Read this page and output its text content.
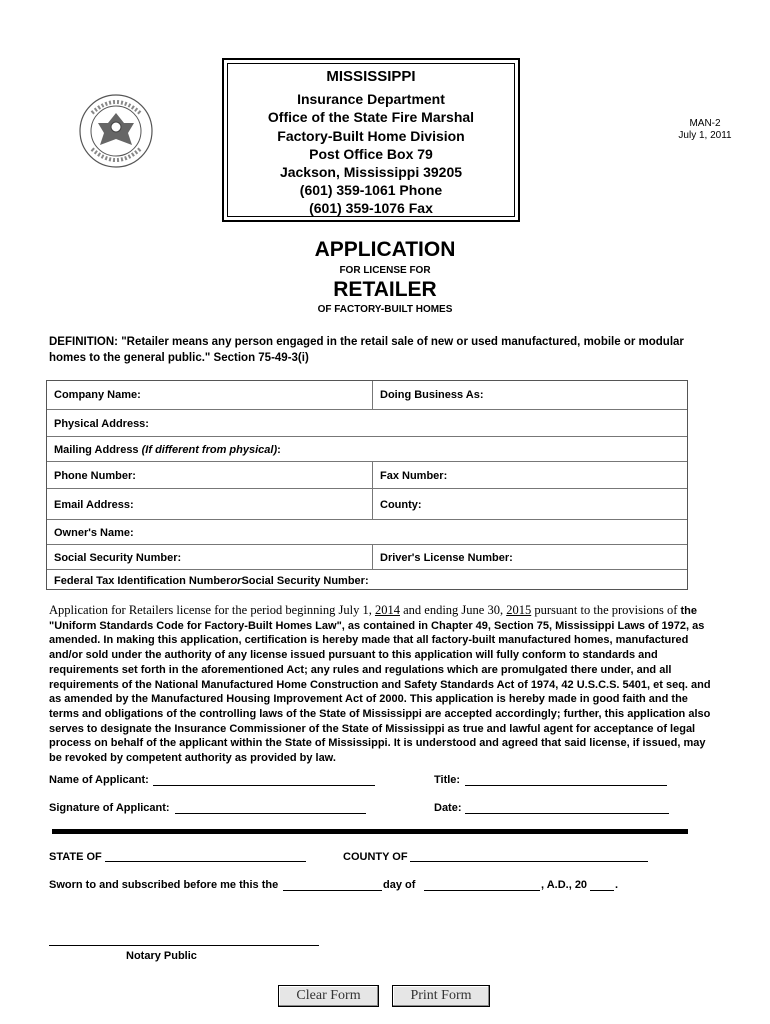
MISSISSIPPI
Insurance Department
Office of the State Fire Marshal
Factory-Built Home Division
Post Office Box 79
Jackson, Mississippi 39205
(601) 359-1061 Phone
(601) 359-1076 Fax
MAN-2
July 1, 2011
APPLICATION
FOR LICENSE FOR
RETAILER
OF FACTORY-BUILT HOMES
DEFINITION: "Retailer means any person engaged in the retail sale of new or used manufactured, mobile or modular homes to the general public." Section 75-49-3(i)
Company Name:	Doing Business As:
Physical Address:
Mailing Address
(If different from physical) :
Phone Number:	Fax Number:
Email Address:	County:
Owner's Name:
Social Security Number:	Driver's License Number:
Federal Tax Identification Number or Social Security Number:
Application for Retailers license for the period beginning July 1, 2014 and ending June 30, 2015 pursuant to the provisions of the "Uniform Standards Code for Factory-Built Homes Law", as contained in Chapter 49, Section 75, Mississippi Laws of 1972, as amended. In making this application, certification is hereby made that all factory-built manufactured homes, manufactured and/or sold under the authority of any license issued pursuant to this application will fully conform to standards and requirements set forth in the aforementioned Act; any rules and regulations which are promulgated there under, and all requirements of the National Manufactured Home Construction and Safety Standards Act of 1974, 42 U.S.C.S. 5401, et seq. and as amended by the Manufactured Housing Improvement Act of 2000. This application is hereby made in good faith and the terms and obligations of the controlling laws of the State of Mississippi are accepted accordingly; further, this application also serves to designate the Insurance Commissioner of the State of Mississippi as true and lawful agent for acceptance of legal process on behalf of the applicant within the State of Mississippi. It is understood and agreed that said license, if issued, may be revoked by competent authority as provided by law.
Name of Applicant:	Title:
Signature of Applicant:	Date:
STATE OF	COUNTY OF
Sworn to and subscribed before me this the	day of	, A.D., 20	.
Notary Public
Clear Form	Print Form
